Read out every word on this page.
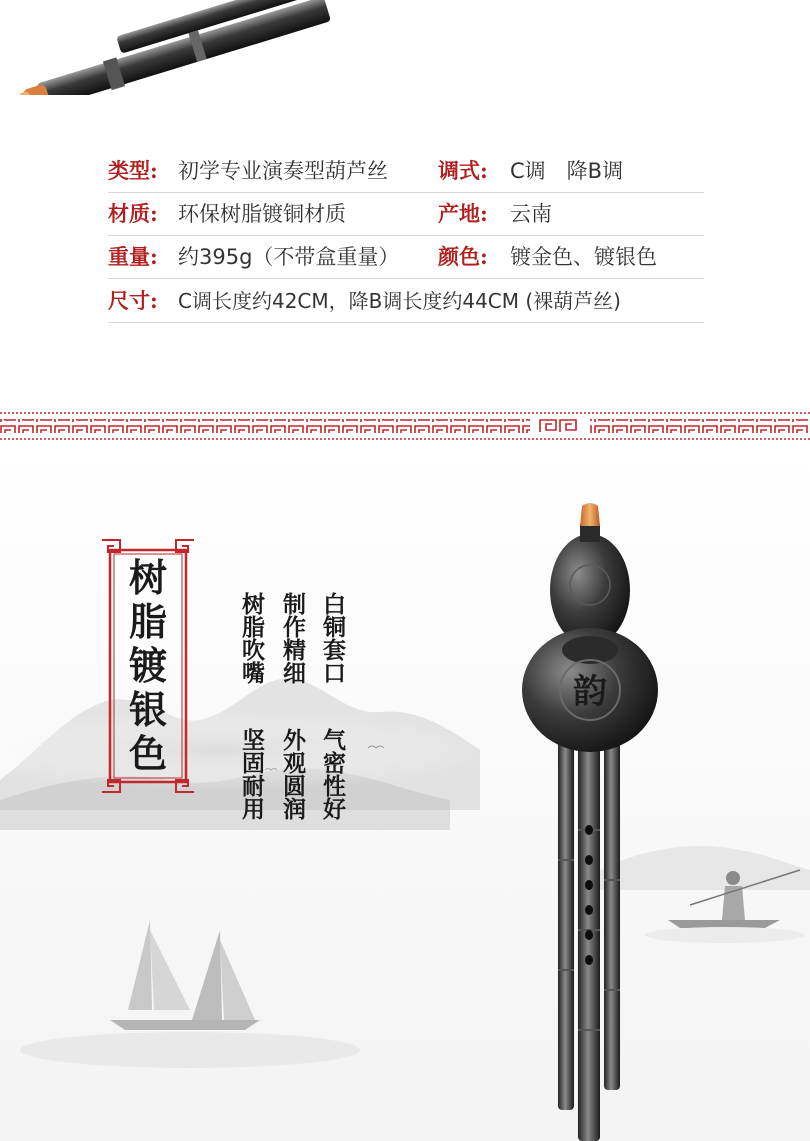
类型: 初学专业演奏型葫芦丝 调式: C调　降B调
材质: 环保树脂镀铜材质	产地: 云南
重量: 约395g（不带盒重量） 颜色: 镀金色、镀银色
尺寸: C调长度约42CM，降B调长度约44CM (裸葫芦丝)
树
脂
镀
银
色
白铜套口
制作精细
树脂吹嘴
气密性好
外观圆润
坚固耐用
韵
